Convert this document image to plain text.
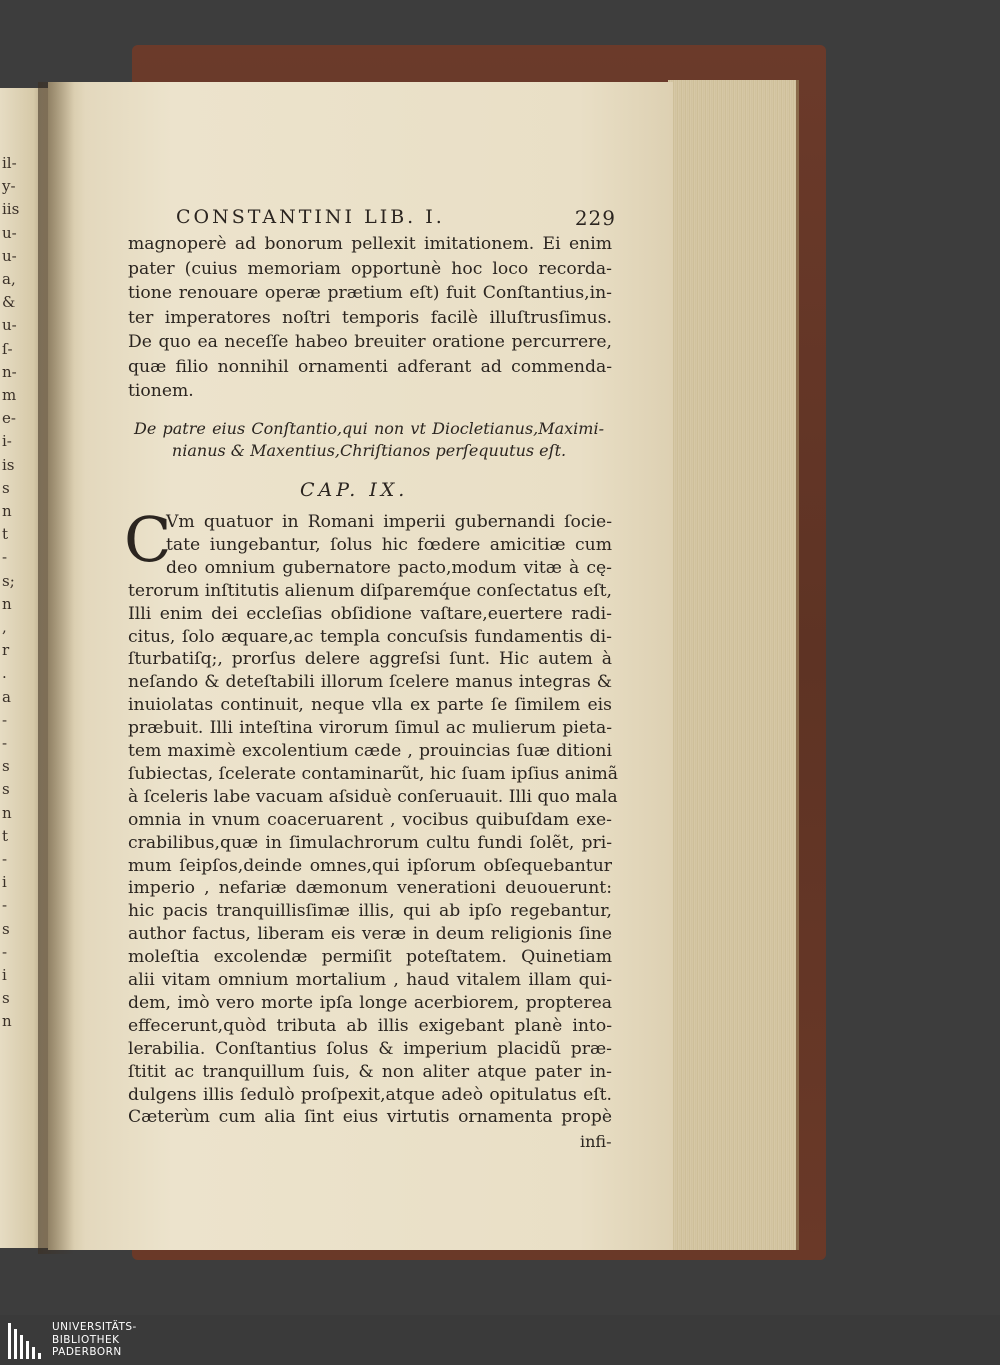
il-
y-
iis
u-
u-
a,
&
u-
ſ-
n-
m
e-
i-
is
s
n
t
-
s;
n
,
r
.
a
-
-
s
s
n
t
-
i
-
s
-
i
s
n
CONSTANTINI LIB. I.	229
magnoperè ad bonorum pellexit imitationem. Ei enim
pater (cuius memoriam opportunè hoc loco recorda-
tione renouare operæ prætium eſt) fuit Conſtantius,in-
ter imperatores noſtri temporis facilè illuſtrusſimus.
De quo ea neceſſe habeo breuiter oratione percurrere,
quæ filio nonnihil ornamenti adferant ad commenda-
tionem.
De patre eius Conſtantio,qui non vt Diocletianus,Maximi-
nianus & Maxentius,Chriſtianos perſequutus eſt.
CAP. IX.
C
Vm quatuor in Romani imperii gubernandi ſocie-
tate iungebantur, ſolus hic fœdere amicitiæ cum
deo omnium gubernatore pacto,modum vitæ à cę-
terorum inſtitutis alienum diſparemq́ue conſectatus eſt,
Illi enim dei eccleſias obſidione vaſtare,euertere radi-
citus, ſolo æquare,ac templa concuſsis fundamentis di-
ſturbatiſq;, prorſus delere aggreſsi ſunt. Hic autem à
neſando & deteſtabili illorum ſcelere manus integras &
inuiolatas continuit, neque vlla ex parte ſe ſimilem eis
præbuit. Illi inteſtina virorum ſimul ac mulierum pieta-
tem maximè excolentium cæde , prouincias ſuæ ditioni
ſubiectas, ſcelerate contaminarũt, hic ſuam ipſius animã
à ſceleris labe vacuam aſsiduè conſeruauit. Illi quo mala
omnia in vnum coaceruarent , vocibus quibuſdam exe-
crabilibus,quæ in ſimulachrorum cultu fundi ſolẽt, pri-
mum ſeipſos,deinde omnes,qui ipſorum obſequebantur
imperio , nefariæ dæmonum venerationi deuouerunt:
hic pacis tranquillisſimæ illis, qui ab ipſo regebantur,
author factus, liberam eis veræ in deum religionis ſine
moleſtia excolendæ permiſit poteſtatem. Quinetiam
alii vitam omnium mortalium , haud vitalem illam qui-
dem, imò vero morte ipſa longe acerbiorem, propterea
effecerunt,quòd tributa ab illis exigebant planè into-
lerabilia. Conſtantius ſolus & imperium placidũ præ-
ſtitit ac tranquillum ſuis, & non aliter atque pater in-
dulgens illis ſedulò proſpexit,atque adeò opitulatus eſt.
Cæterùm cum alia ſint eius virtutis ornamenta propè
infi-
UNIVERSITÄTS-
BIBLIOTHEK
PADERBORN
